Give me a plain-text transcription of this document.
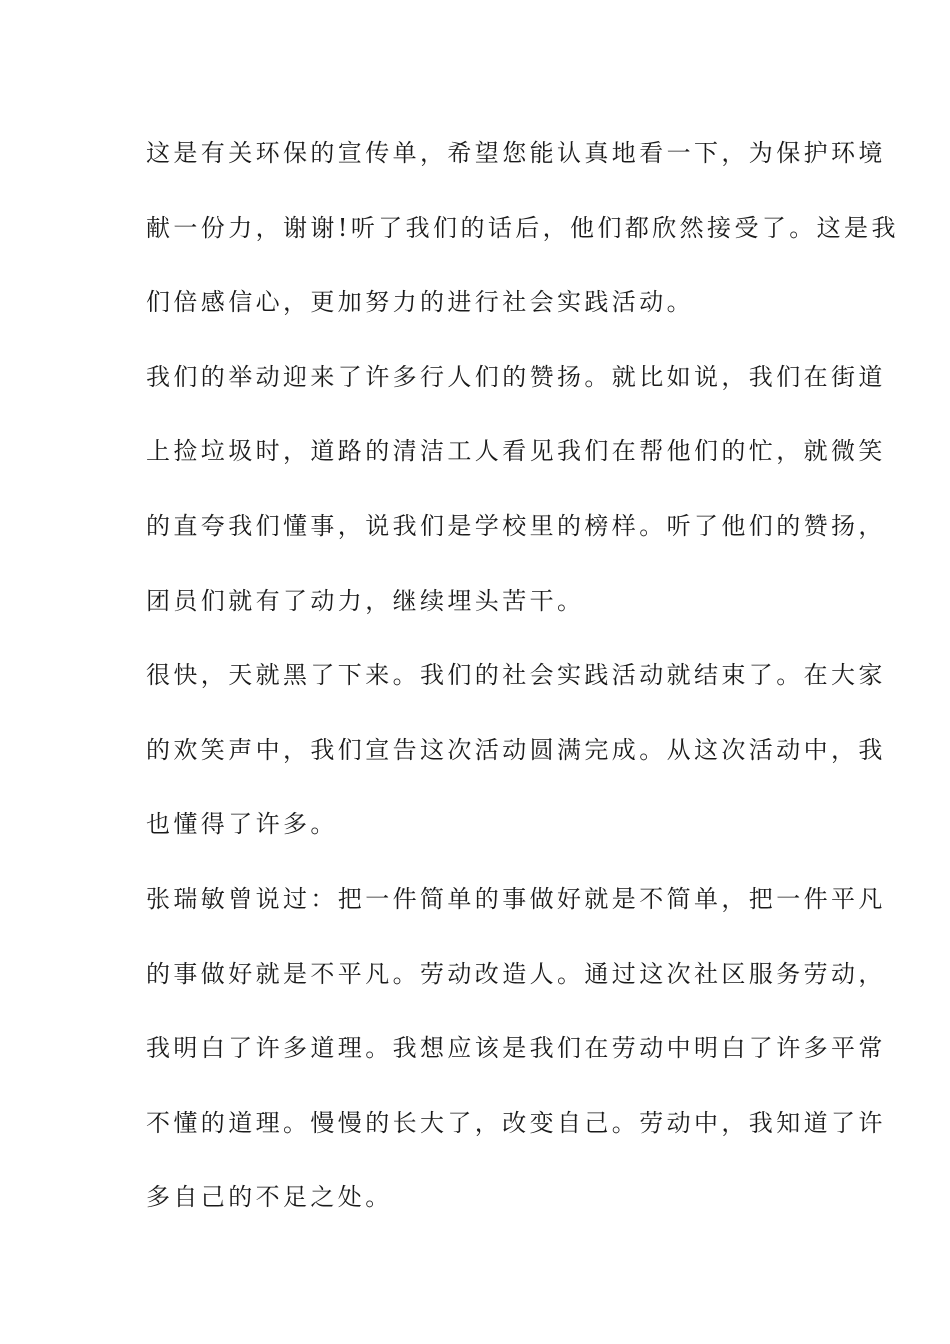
这是有关环保的宣传单，希望您能认真地看一下，为保护环境
献一份力，谢谢!听了我们的话后，他们都欣然接受了。这是我
们倍感信心，更加努力的进行社会实践活动。
我们的举动迎来了许多行人们的赞扬。就比如说，我们在街道
上捡垃圾时，道路的清洁工人看见我们在帮他们的忙，就微笑
的直夸我们懂事，说我们是学校里的榜样。听了他们的赞扬，
团员们就有了动力，继续埋头苦干。
很快，天就黑了下来。我们的社会实践活动就结束了。在大家
的欢笑声中，我们宣告这次活动圆满完成。从这次活动中，我
也懂得了许多。
张瑞敏曾说过：把一件简单的事做好就是不简单，把一件平凡
的事做好就是不平凡。劳动改造人。通过这次社区服务劳动，
我明白了许多道理。我想应该是我们在劳动中明白了许多平常
不懂的道理。慢慢的长大了，改变自己。劳动中，我知道了许
多自己的不足之处。
